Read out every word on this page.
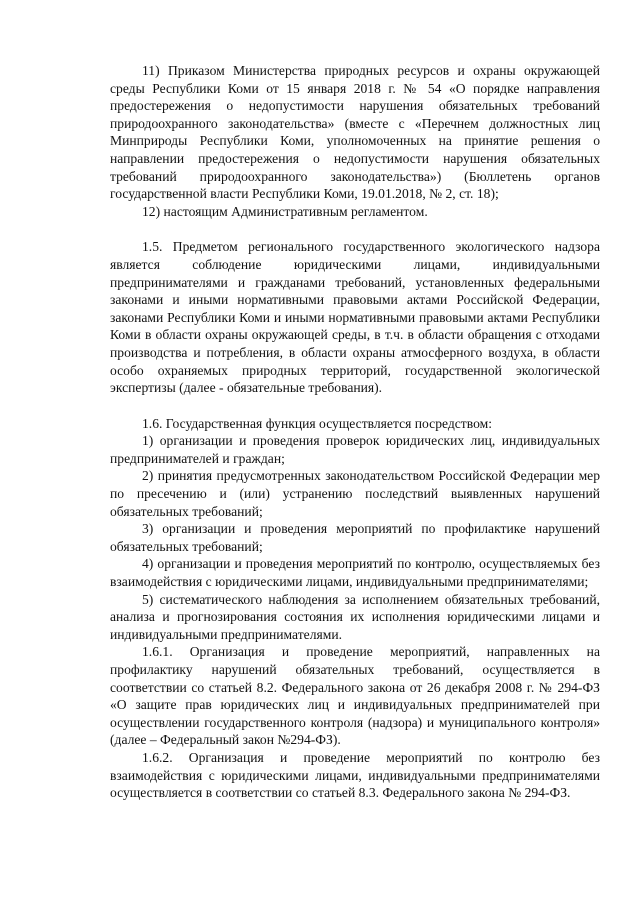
11) Приказом Министерства природных ресурсов и охраны окружающей среды Республики Коми от 15 января 2018 г. № 54 «О порядке направления предостережения о недопустимости нарушения обязательных требований природоохранного законодательства» (вместе с «Перечнем должностных лиц Минприроды Республики Коми, уполномоченных на принятие решения о направлении предостережения о недопустимости нарушения обязательных требований природоохранного законодательства») (Бюллетень органов государственной власти Республики Коми, 19.01.2018, № 2, ст. 18);

12) настоящим Административным регламентом.

1.5. Предметом регионального государственного экологического надзора является соблюдение юридическими лицами, индивидуальными предпринимателями и гражданами требований, установленных федеральными законами и иными нормативными правовыми актами Российской Федерации, законами Республики Коми и иными нормативными правовыми актами Республики Коми в области охраны окружающей среды, в т.ч. в области обращения с отходами производства и потребления, в области охраны атмосферного воздуха, в области особо охраняемых природных территорий, государственной экологической экспертизы (далее - обязательные требования).

1.6. Государственная функция осуществляется посредством:

1) организации и проведения проверок юридических лиц, индивидуальных предпринимателей и граждан;

2) принятия предусмотренных законодательством Российской Федерации мер по пресечению и (или) устранению последствий выявленных нарушений обязательных требований;

3) организации и проведения мероприятий по профилактике нарушений обязательных требований;

4) организации и проведения мероприятий по контролю, осуществляемых без взаимодействия с юридическими лицами, индивидуальными предпринимателями;

5) систематического наблюдения за исполнением обязательных требований, анализа и прогнозирования состояния их исполнения юридическими лицами и индивидуальными предпринимателями.

1.6.1. Организация и проведение мероприятий, направленных на профилактику нарушений обязательных требований, осуществляется в соответствии со статьей 8.2. Федерального закона от 26 декабря 2008 г. № 294-ФЗ «О защите прав юридических лиц и индивидуальных предпринимателей при осуществлении государственного контроля (надзора) и муниципального контроля» (далее – Федеральный закон №294-ФЗ).

1.6.2. Организация и проведение мероприятий по контролю без взаимодействия с юридическими лицами, индивидуальными предпринимателями осуществляется в соответствии со статьей 8.3. Федерального закона № 294-ФЗ.
